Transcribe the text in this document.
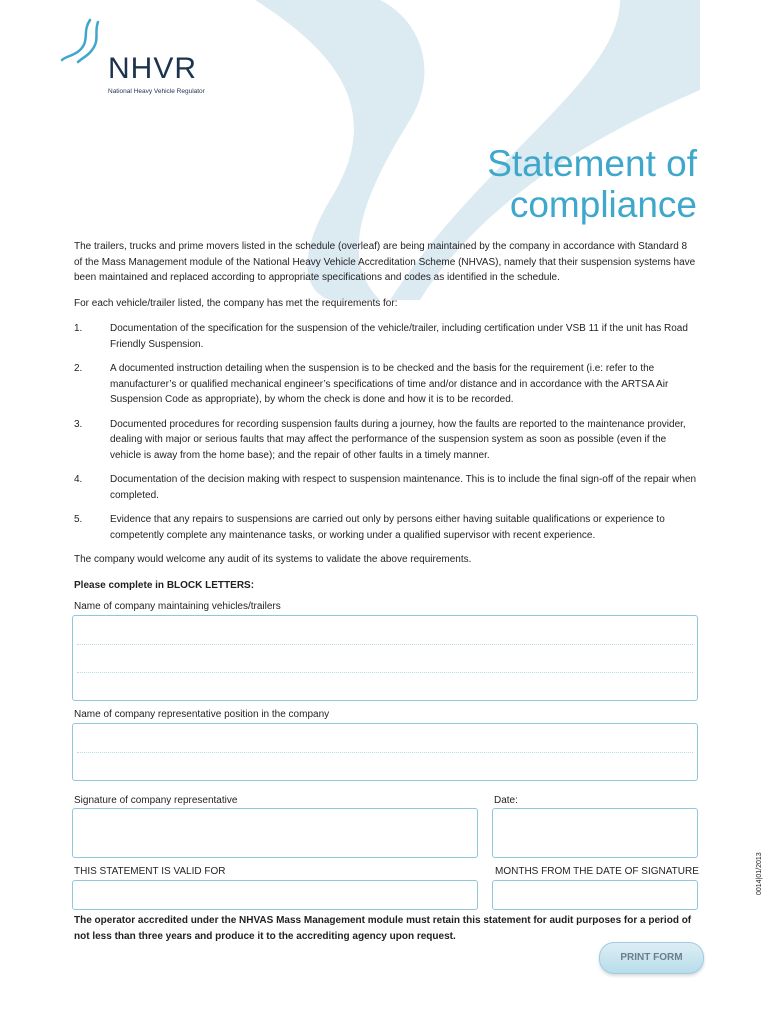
NHVR
National Heavy Vehicle Regulator
Statement of
compliance

The trailers, trucks and prime movers listed in the schedule (overleaf) are being maintained by the company in accordance with Standard 8 of the Mass Management module of the National Heavy Vehicle Accreditation Scheme (NHVAS), namely that their suspension systems have been maintained and replaced according to appropriate specifications and codes as identified in the schedule.

For each vehicle/trailer listed, the company has met the requirements for:

1.	Documentation of the specification for the suspension of the vehicle/trailer, including certification under VSB 11 if the unit has Road Friendly Suspension.
2.	A documented instruction detailing when the suspension is to be checked and the basis for the requirement (i.e: refer to the manufacturer’s or qualified mechanical engineer’s specifications of time and/or distance and in accordance with the ARTSA Air Suspension Code as appropriate), by whom the check is done and how it is to be recorded.
3.	Documented procedures for recording suspension faults during a journey, how the faults are reported to the maintenance provider, dealing with major or serious faults that may affect the performance of the suspension system as soon as possible (even if the vehicle is away from the home base); and the repair of other faults in a timely manner.
4.	Documentation of the decision making with respect to suspension maintenance. This is to include the final sign-off of the repair when completed.
5.	Evidence that any repairs to suspensions are carried out only by persons either having suitable qualifications or experience to competently complete any maintenance tasks, or working under a qualified supervisor with recent experience.

The company would welcome any audit of its systems to validate the above requirements.

Please complete in BLOCK LETTERS:

Name of company maintaining vehicles/trailers
Name of company representative position in the company
Signature of company representative	Date:
THIS STATEMENT IS VALID FOR	MONTHS FROM THE DATE OF SIGNATURE
The operator accredited under the NHVAS Mass Management module must retain this statement for audit purposes for a period of not less than three years and produce it to the accrediting agency upon request.
PRINT FORM
0014|01/2013
